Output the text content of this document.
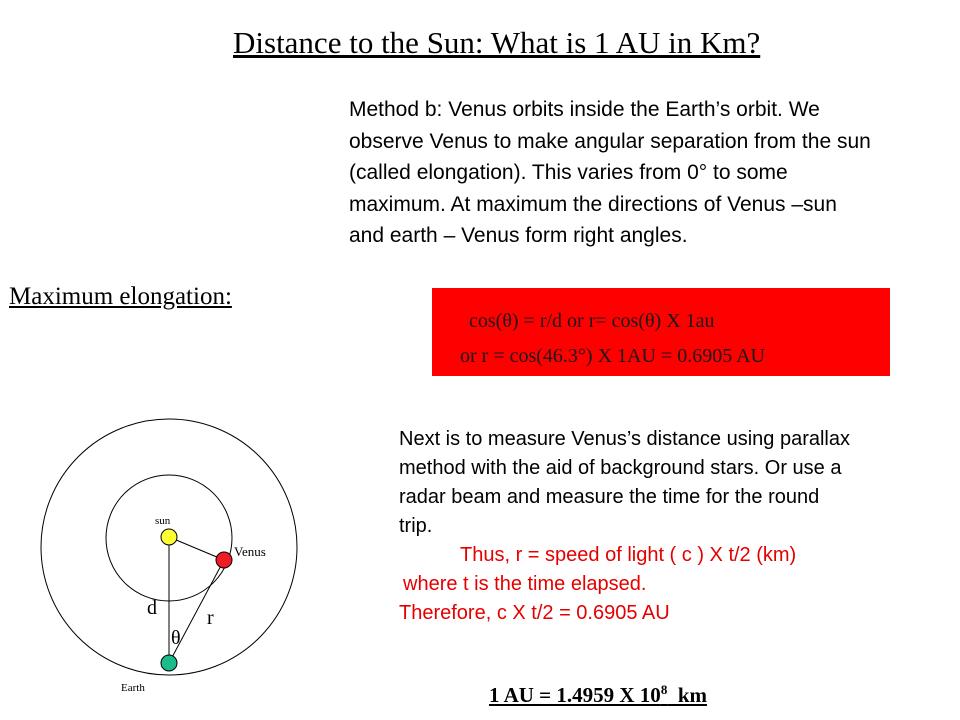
Distance to the Sun: What is 1 AU in Km?
Method b: Venus orbits inside the Earth’s orbit. We
observe Venus to make angular separation from the sun
(called elongation). This varies from 0° to some
maximum. At maximum the directions of Venus –sun
and earth – Venus form right angles.
Maximum elongation:
cos(θ) = r/d or r= cos(θ) X 1au
or r = cos(46.3°) X 1AU = 0.6905 AU
sun
Venus
Earth
d	r
θ
Next is to measure Venus’s distance using parallax
method with the aid of background stars. Or use a
radar beam and measure the time for the round
trip.
Thus, r = speed of light ( c ) X t/2 (km)
where t is the time elapsed.
Therefore, c X t/2 = 0.6905 AU
1 AU = 1.4959 X $10^8$  km
